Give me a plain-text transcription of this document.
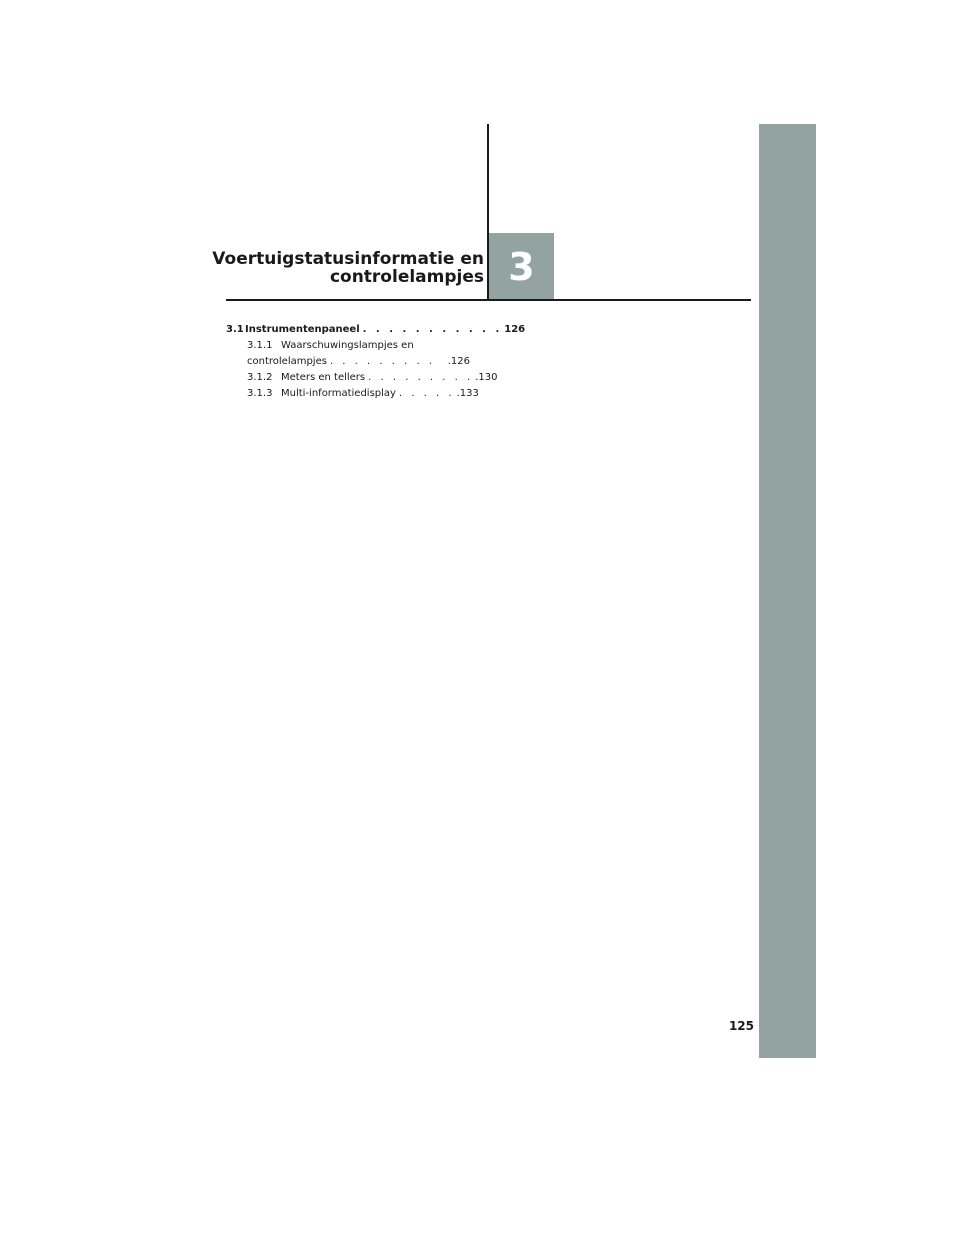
Voertuigstatusinformatie en
controlelampjes 3
3.1 Instrumentenpaneel . . . . . . . . . . . 126
3.1.1 Waarschuwingslampjes en
controlelampjes . . . . . . . . .	.126
3.1.2 Meters en tellers . . . . . . . . . .130
3.1.3 Multi-informatiedisplay . . . . . .133
125
